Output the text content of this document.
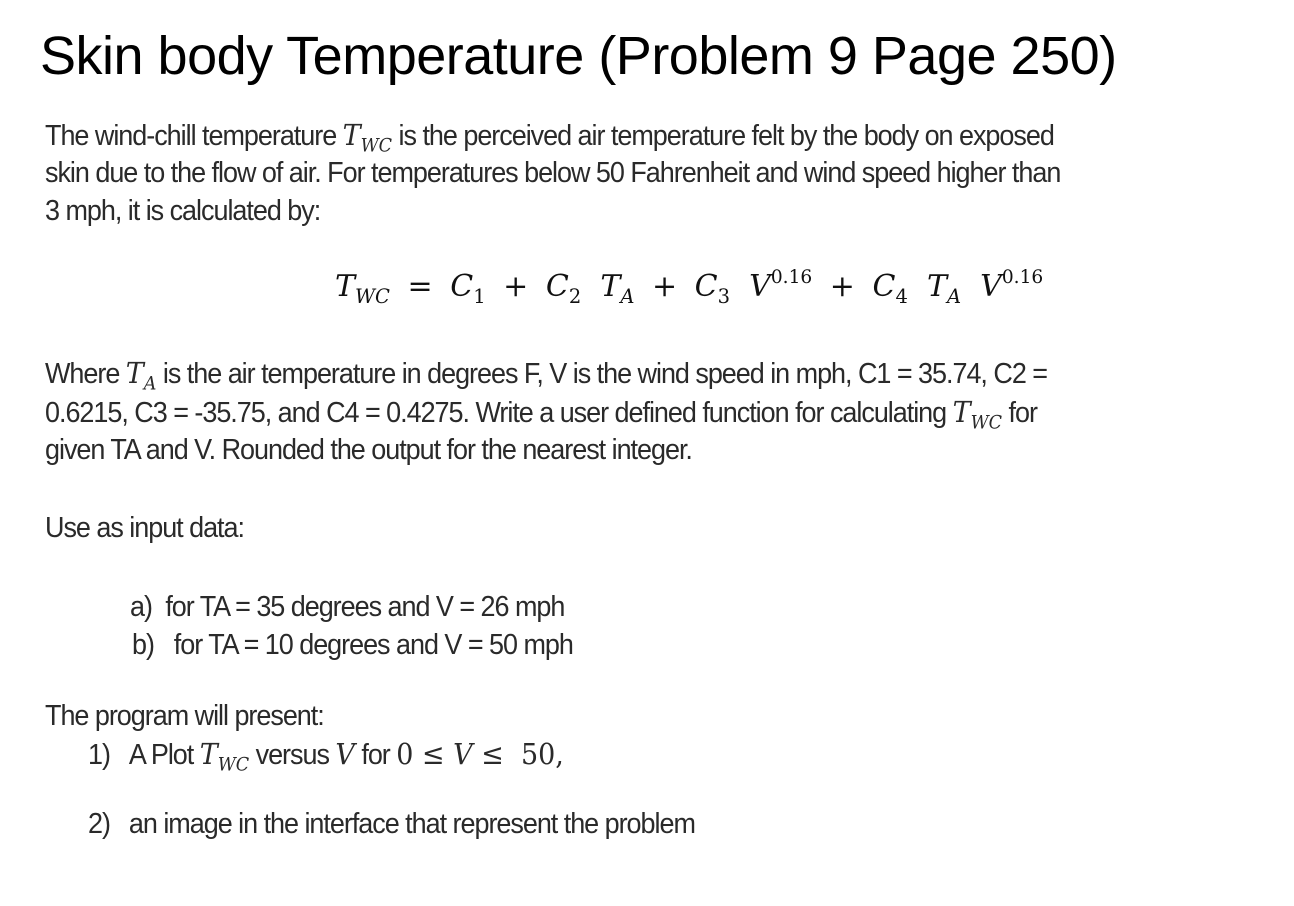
Skin body Temperature (Problem 9 Page 250)
The wind-chill temperature $T_{WC}$ is the perceived air temperature felt by the body on exposed
skin due to the flow of air. For temperatures below 50 Fahrenheit and wind speed higher than
3 mph, it is calculated by:
$T_{WC} = C_1 + C_2$ $T_A + C_3$ $V^{0.16} + C_4$ $T_A$ $V^{0.16}$
Where $T_A$ is the air temperature in degrees F, V is the wind speed in mph, C1 = 35.74, C2 =
0.6215, C3 = -35.75, and C4 = 0.4275. Write a user defined function for calculating $T_{WC}$ for
given TA and V. Rounded the output for the nearest integer.
Use as input data:
a) for TA = 35 degrees and V = 26 mph
b) for TA = 10 degrees and V = 50 mph
The program will present:
1) A Plot $T_{WC}$ versus V for 0 ≤ V ≤ 50,
2) an image in the interface that represent the problem
